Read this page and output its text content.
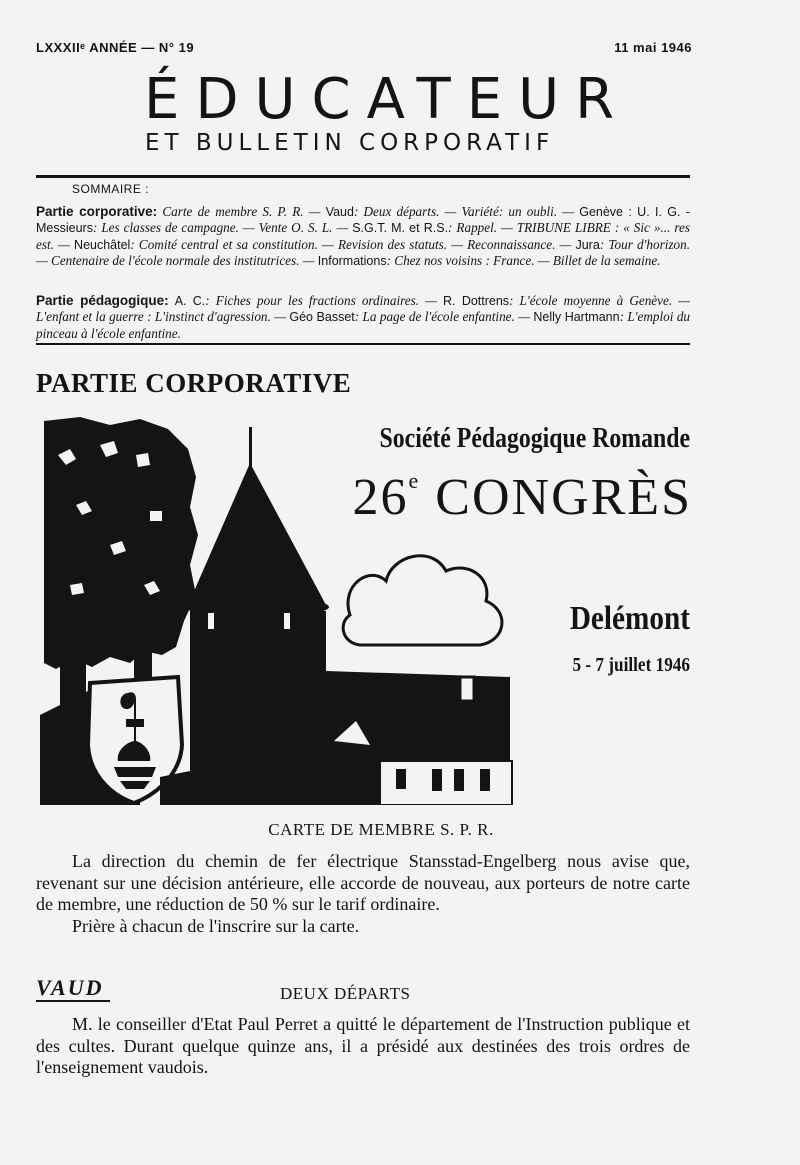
LXXXIIᵉ ANNÉE — N° 19	11 mai 1946
ÉDUCATEUR
ET BULLETIN CORPORATIF
SOMMAIRE :
Partie corporative: Carte de membre S. P. R. — Vaud: Deux départs. — Variété: un oubli. — Genève : U. I. G. - Messieurs: Les classes de campagne. — Vente O. S. L. — S.G.T. M. et R.S.: Rappel. — TRIBUNE LIBRE : « Sic »... res est. — Neuchâtel: Comité central et sa constitution. — Revision des statuts. — Reconnaissance. — Jura: Tour d'horizon. — Centenaire de l'école normale des institutrices. — Informations: Chez nos voisins : France. — Billet de la semaine.
Partie pédagogique: A. C.: Fiches pour les fractions ordinaires. — R. Dottrens: L'école moyenne à Genève. — L'enfant et la guerre : L'instinct d'agression. — Géo Basset: La page de l'école enfantine. — Nelly Hartmann: L'emploi du pinceau à l'école enfantine.
PARTIE CORPORATIVE
Société Pédagogique Romande
26e CONGRÈS
Delémont
5 - 7 juillet 1946
CARTE DE MEMBRE S. P. R.

La direction du chemin de fer électrique Stansstad-Engelberg nous avise que, revenant sur une décision antérieure, elle accorde de nouveau, aux porteurs de notre carte de membre, une réduction de 50 % sur le tarif ordinaire.

Prière à chacun de l'inscrire sur la carte.

VAUD	DEUX DÉPARTS

M. le conseiller d'Etat Paul Perret a quitté le département de l'Instruction publique et des cultes. Durant quelque quinze ans, il a présidé aux destinées des trois ordres de l'enseignement vaudois.
